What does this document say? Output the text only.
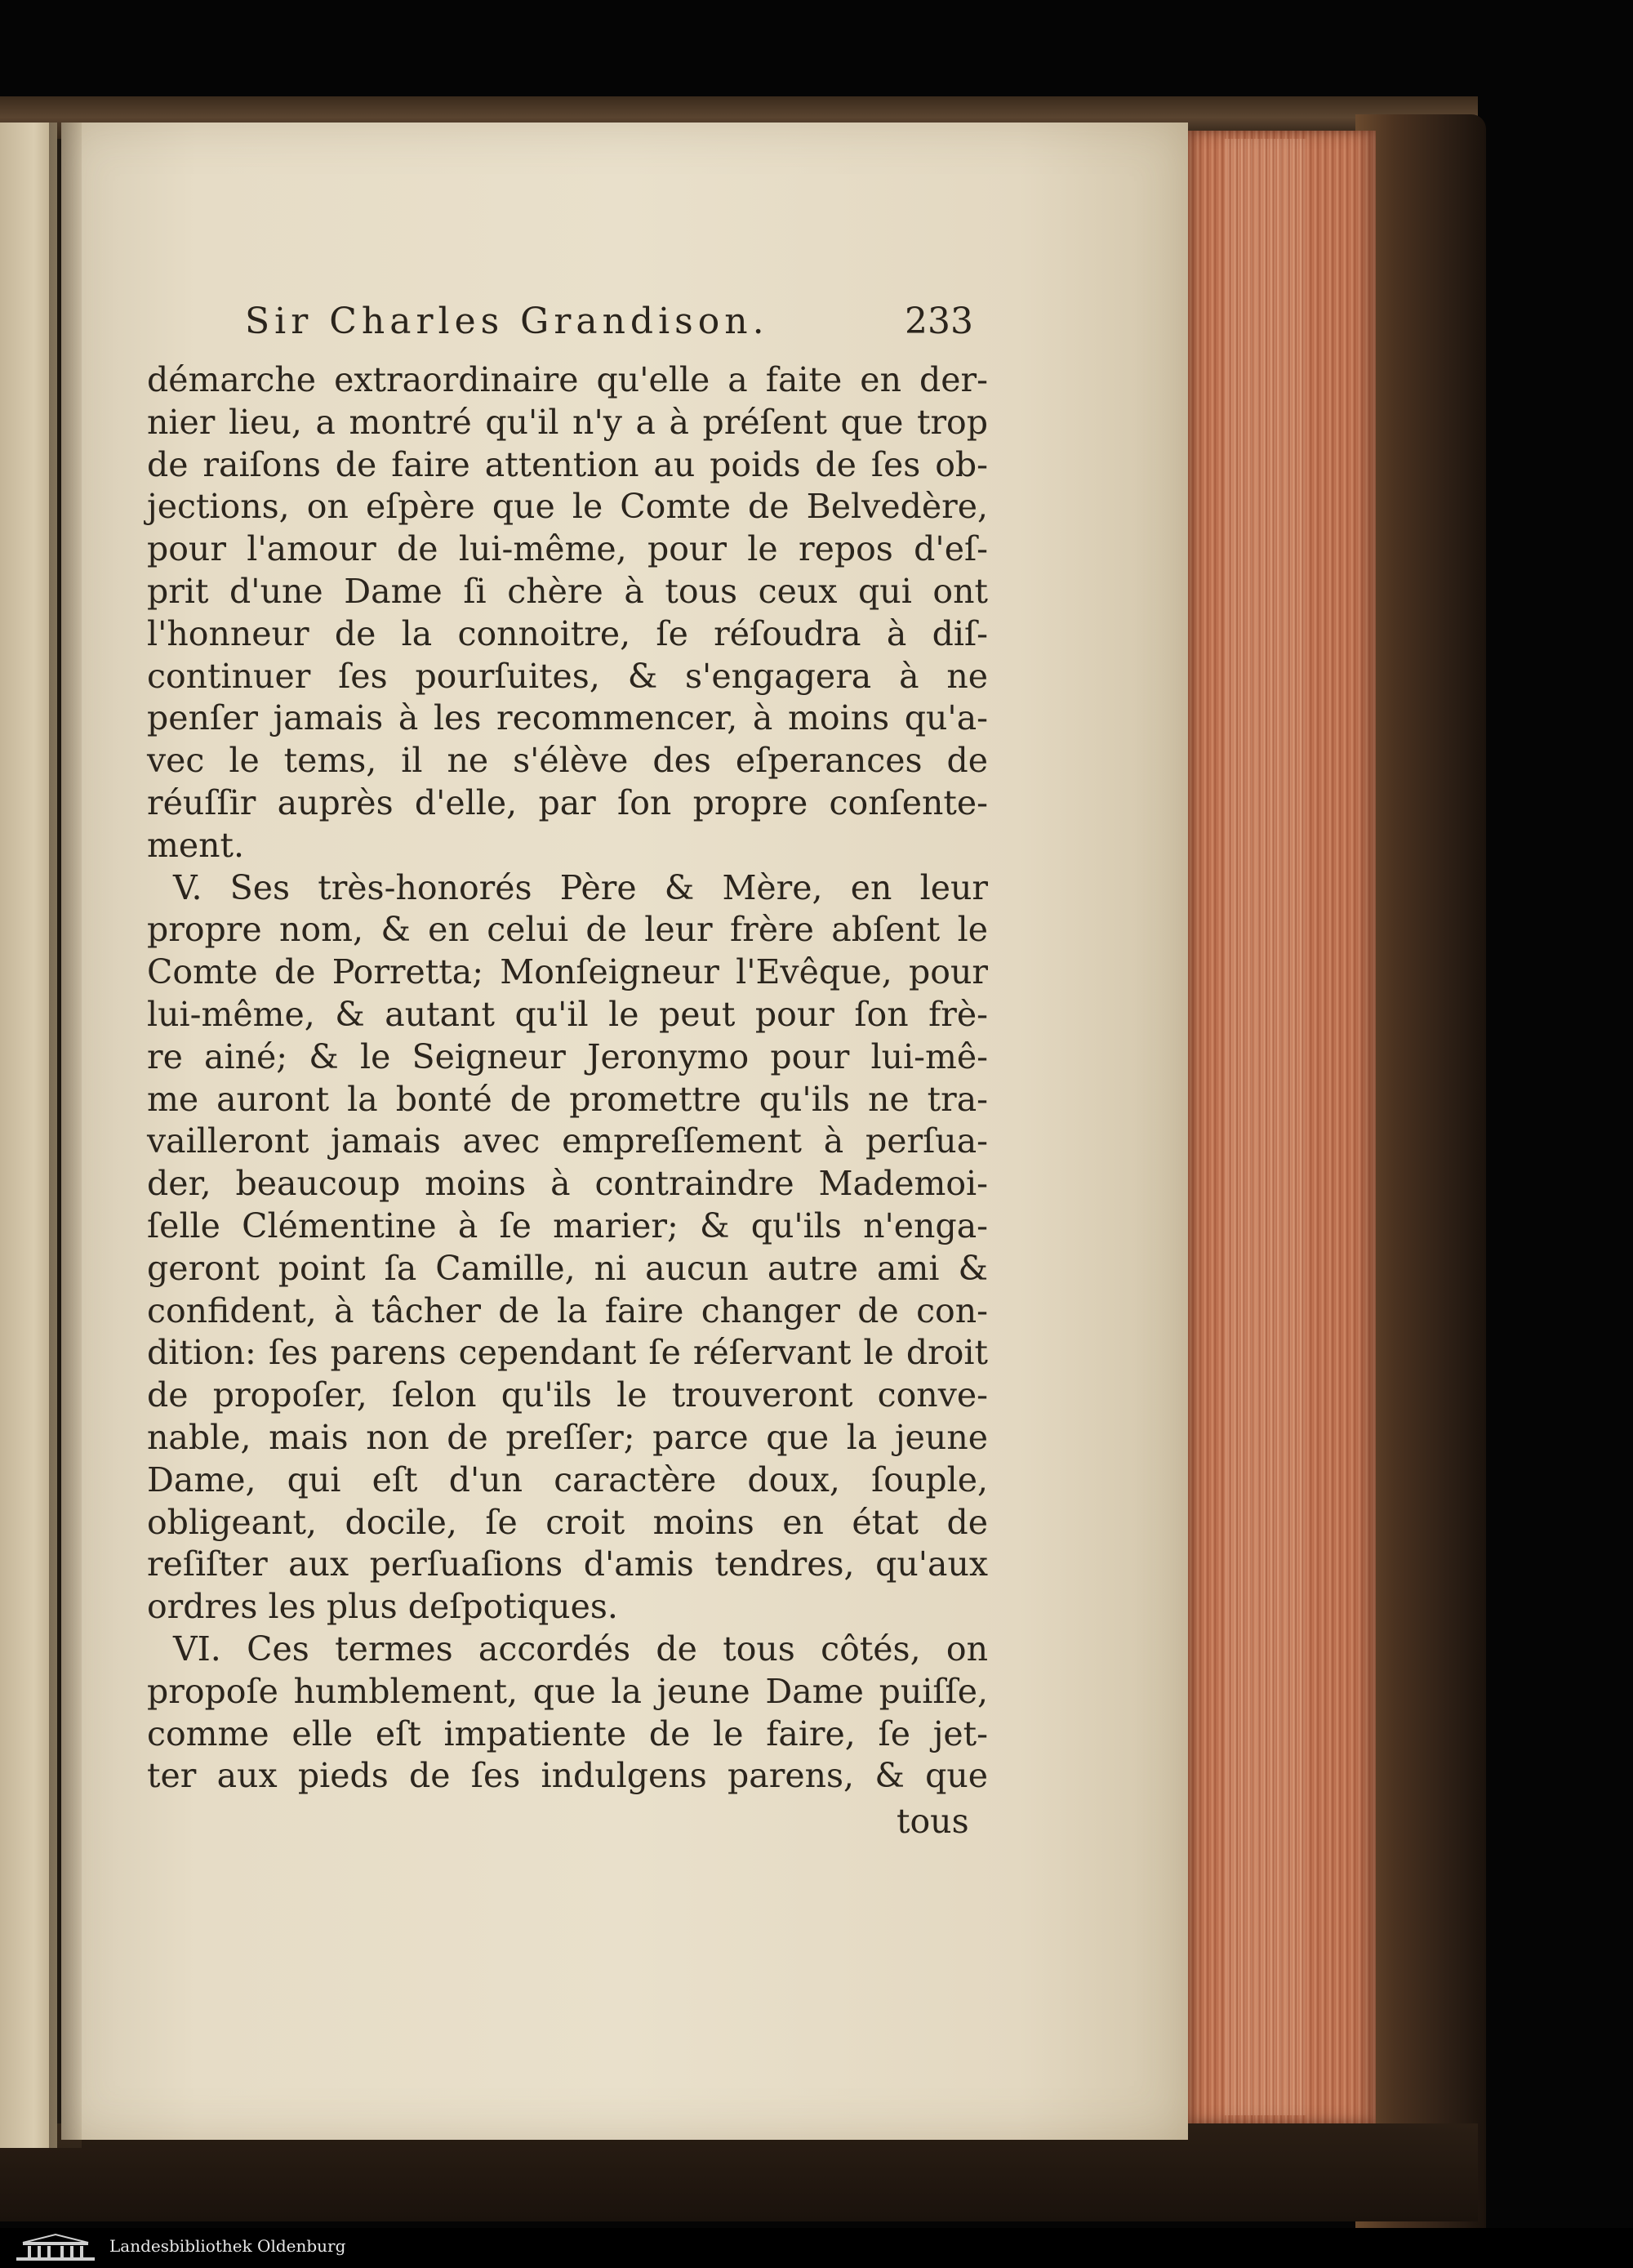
Sir Charles Grandison.	233
démarche extraordinaire qu'elle a faite en der-
nier lieu, a montré qu'il n'y a à préſent que trop
de raiſons de faire attention au poids de ſes ob-
jections, on eſpère que le Comte de Belvedère,
pour l'amour de lui-même, pour le repos d'eſ-
prit d'une Dame ſi chère à tous ceux qui ont
l'honneur de la connoitre, ſe réſoudra à diſ-
continuer ſes pourſuites, & s'engagera à ne
penſer jamais à les recommencer, à moins qu'a-
vec le tems, il ne s'élève des eſperances de
réuſſir auprès d'elle, par ſon propre conſente-
ment.
V. Ses très-honorés Père & Mère, en leur
propre nom, & en celui de leur frère abſent le
Comte de Porretta; Monſeigneur l'Evêque, pour
lui-même, & autant qu'il le peut pour ſon frè-
re ainé; & le Seigneur Jeronymo pour lui-mê-
me auront la bonté de promettre qu'ils ne tra-
vailleront jamais avec empreſſement à perſua-
der, beaucoup moins à contraindre Mademoi-
ſelle Clémentine à ſe marier; & qu'ils n'enga-
geront point ſa Camille, ni aucun autre ami &
confident, à tâcher de la faire changer de con-
dition: ſes parens cependant ſe réſervant le droit
de propoſer, ſelon qu'ils le trouveront conve-
nable, mais non de preſſer; parce que la jeune
Dame, qui eſt d'un caractère doux, ſouple,
obligeant, docile, ſe croit moins en état de
reſiſter aux perſuaſions d'amis tendres, qu'aux
ordres les plus deſpotiques.
VI. Ces termes accordés de tous côtés, on
propoſe humblement, que la jeune Dame puiſſe,
comme elle eſt impatiente de le faire, ſe jet-
ter aux pieds de ſes indulgens parens, & que
tous
Landesbibliothek Oldenburg
